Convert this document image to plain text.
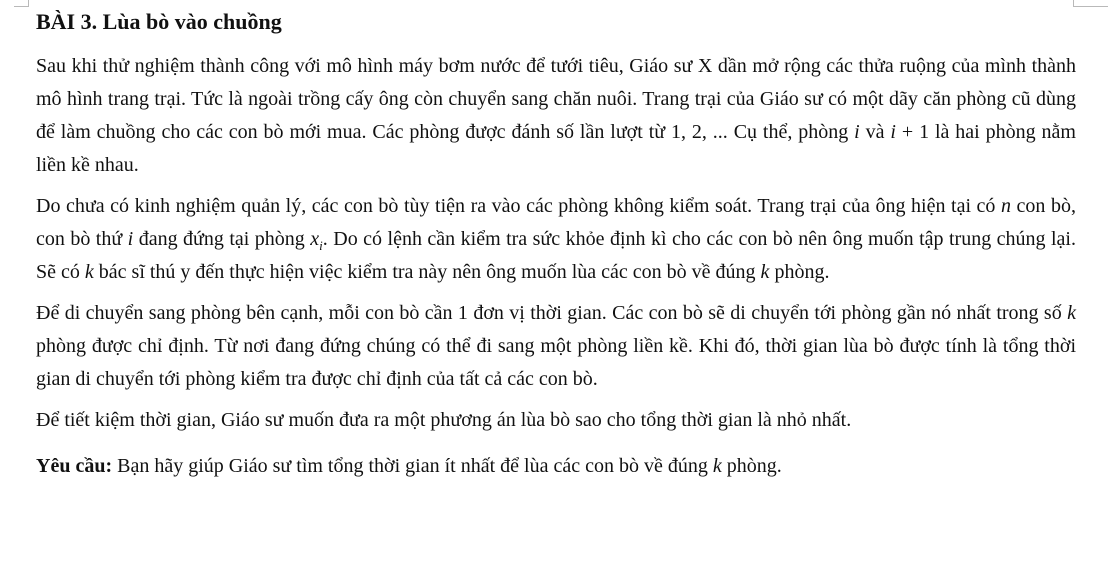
BÀI 3. Lùa bò vào chuồng

Sau khi thử nghiệm thành công với mô hình máy bơm nước để tưới tiêu, Giáo sư X dần mở rộng các thửa ruộng của mình thành mô hình trang trại. Tức là ngoài trồng cấy ông còn chuyển sang chăn nuôi. Trang trại của Giáo sư có một dãy căn phòng cũ dùng để làm chuồng cho các con bò mới mua. Các phòng được đánh số lần lượt từ 1, 2, ... Cụ thể, phòng i và i + 1 là hai phòng nằm liền kề nhau.

Do chưa có kinh nghiệm quản lý, các con bò tùy tiện ra vào các phòng không kiểm soát. Trang trại của ông hiện tại có n con bò, con bò thứ i đang đứng tại phòng $x_i$. Do có lệnh cần kiểm tra sức khỏe định kì cho các con bò nên ông muốn tập trung chúng lại. Sẽ có k bác sĩ thú y đến thực hiện việc kiểm tra này nên ông muốn lùa các con bò về đúng k phòng.

Để di chuyển sang phòng bên cạnh, mỗi con bò cần 1 đơn vị thời gian. Các con bò sẽ di chuyển tới phòng gần nó nhất trong số k phòng được chỉ định. Từ nơi đang đứng chúng có thể đi sang một phòng liền kề. Khi đó, thời gian lùa bò được tính là tổng thời gian di chuyển tới phòng kiểm tra được chỉ định của tất cả các con bò.

Để tiết kiệm thời gian, Giáo sư muốn đưa ra một phương án lùa bò sao cho tổng thời gian là nhỏ nhất.

Yêu cầu: Bạn hãy giúp Giáo sư tìm tổng thời gian ít nhất để lùa các con bò về đúng k phòng.
